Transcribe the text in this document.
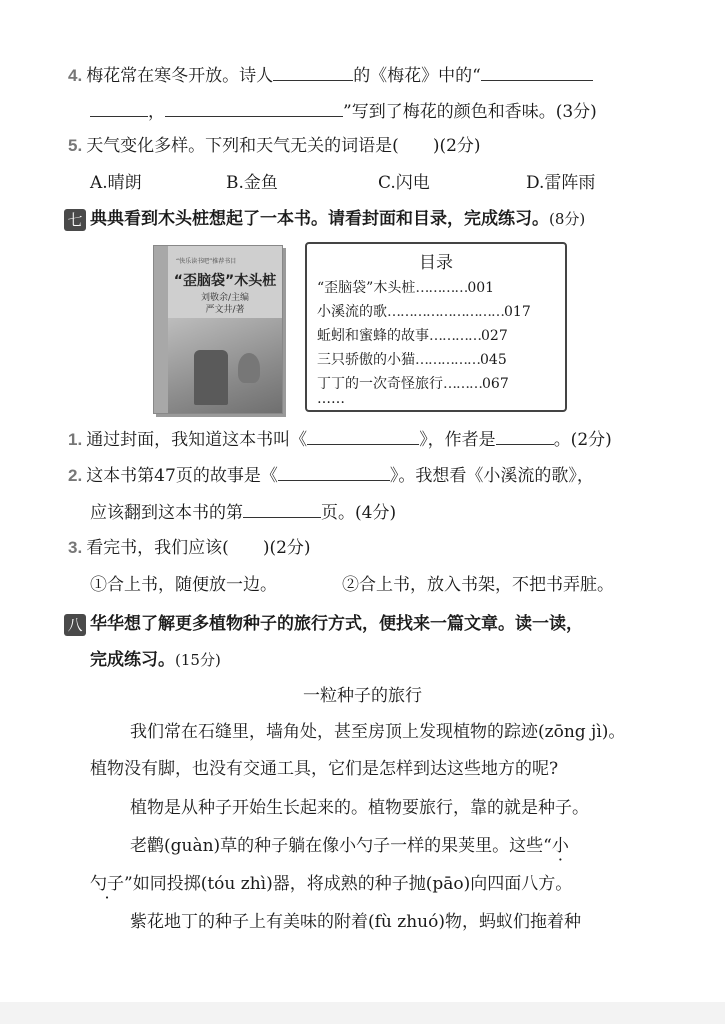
4. 梅花常在寒冬开放。诗人	的《梅花》中的“
，	”写到了梅花的颜色和香味。(3分)
5. 天气变化多样。下列和天气无关的词语是(　　)(2分)
A.晴朗	B.金鱼	C.闪电	D.雷阵雨
七 典典看到木头桩想起了一本书。请看封面和目录，完成练习。(8分)
“快乐读书吧”推荐书目
“歪脑袋”木头桩
刘敬余/主编
严文井/著
目录
“歪脑袋”木头桩…………001
小溪流的歌………………………017
蚯蚓和蜜蜂的故事…………027
三只骄傲的小猫……………045
丁丁的一次奇怪旅行………067
……
1. 通过封面，我知道这本书叫《	》，作者是	。(2分)
2. 这本书第47页的故事是《	》。我想看《小溪流的歌》，
应该翻到这本书的第	页。(4分)
3. 看完书，我们应该(　　)(2分)
①合上书，随便放一边。	②合上书，放入书架，不把书弄脏。
八 华华想了解更多植物种子的旅行方式，便找来一篇文章。读一读，
完成练习。(15分)
一粒种子的旅行
我们常在石缝里，墙角处，甚至房顶上发现植物的踪迹(zōng jì)。
植物没有脚，也没有交通工具，它们是怎样到达这些地方的呢?
植物是从种子开始生长起来的。植物要旅行，靠的就是种子。
老鹳(guàn)草的种子躺在像小勺子一样的果荚里。这些“小
勺子”如同投掷(tóu zhì)器，将成熟的种子抛(pāo)向四面八方。
紫花地丁的种子上有美味的附着(fù zhuó)物，蚂蚁们拖着种
